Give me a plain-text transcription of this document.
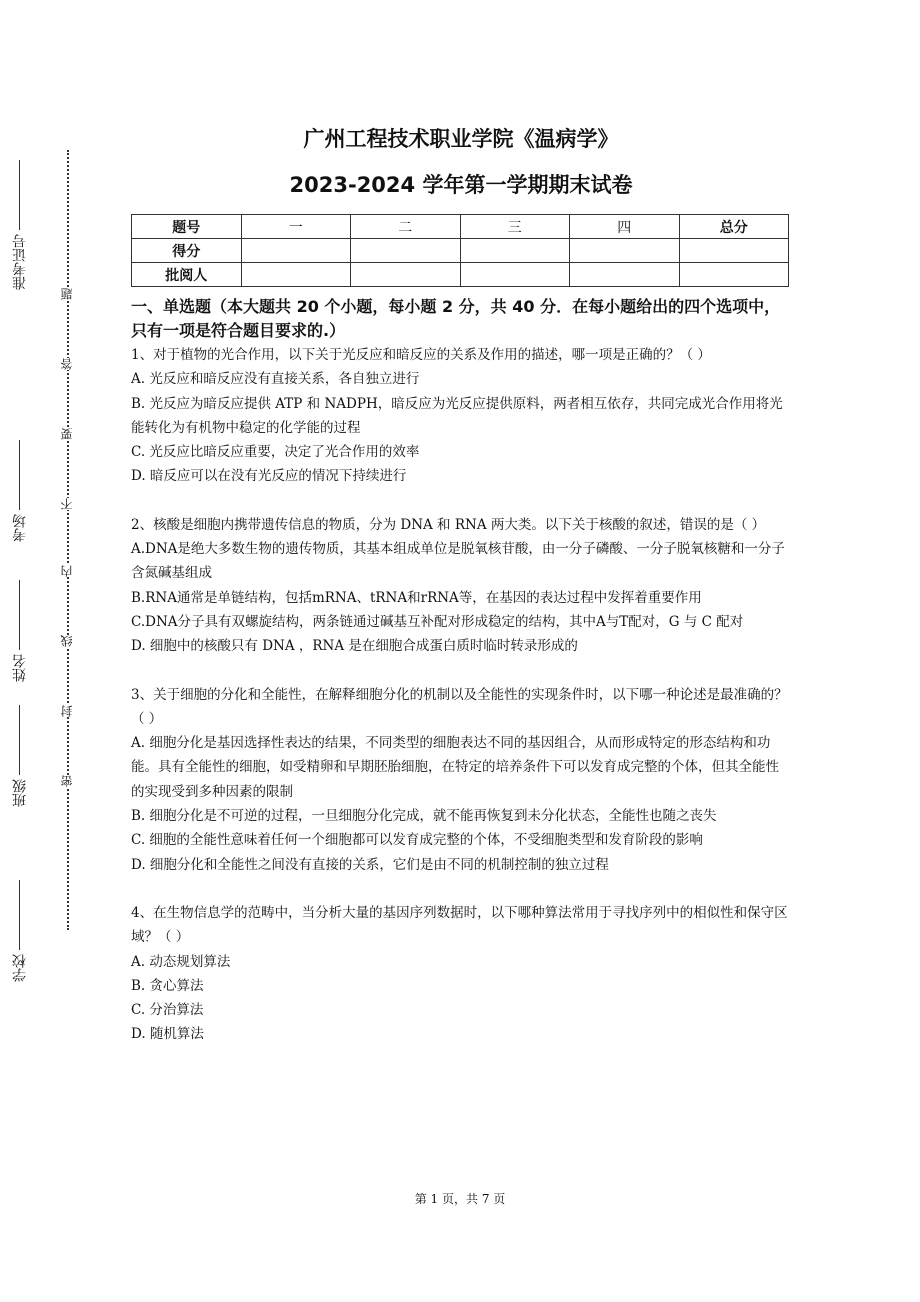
学校
班级
姓名
考场
准考证号
密
封
线
内
不
要
答
题
广州工程技术职业学院《温病学》
2023-2024 学年第一学期期末试卷
题号	一	二	三	四	总分
得分					
批阅人					
一、单选题（本大题共 20 个小题，每小题 2 分，共 40 分．在每小题给出的四个选项中，只有一项是符合题目要求的.）

1、对于植物的光合作用，以下关于光反应和暗反应的关系及作用的描述，哪一项是正确的？（ ）

A. 光反应和暗反应没有直接关系，各自独立进行

B. 光反应为暗反应提供 ATP 和 NADPH，暗反应为光反应提供原料，两者相互依存，共同完成光合作用将光能转化为有机物中稳定的化学能的过程

C. 光反应比暗反应重要，决定了光合作用的效率

D. 暗反应可以在没有光反应的情况下持续进行

2、核酸是细胞内携带遗传信息的物质，分为 DNA 和 RNA 两大类。以下关于核酸的叙述，错误的是（ ）

A.DNA是绝大多数生物的遗传物质，其基本组成单位是脱氧核苷酸，由一分子磷酸、一分子脱氧核糖和一分子含氮碱基组成

B.RNA通常是单链结构，包括mRNA、tRNA和rRNA等，在基因的表达过程中发挥着重要作用

C.DNA分子具有双螺旋结构，两条链通过碱基互补配对形成稳定的结构，其中A与T配对，G 与 C 配对

D. 细胞中的核酸只有 DNA ，RNA 是在细胞合成蛋白质时临时转录形成的

3、关于细胞的分化和全能性，在解释细胞分化的机制以及全能性的实现条件时，以下哪一种论述是最准确的？（ ）

A. 细胞分化是基因选择性表达的结果，不同类型的细胞表达不同的基因组合，从而形成特定的形态结构和功能。具有全能性的细胞，如受精卵和早期胚胎细胞，在特定的培养条件下可以发育成完整的个体，但其全能性的实现受到多种因素的限制

B. 细胞分化是不可逆的过程，一旦细胞分化完成，就不能再恢复到未分化状态，全能性也随之丧失

C. 细胞的全能性意味着任何一个细胞都可以发育成完整的个体，不受细胞类型和发育阶段的影响

D. 细胞分化和全能性之间没有直接的关系，它们是由不同的机制控制的独立过程

4、在生物信息学的范畴中，当分析大量的基因序列数据时，以下哪种算法常用于寻找序列中的相似性和保守区域？（ ）

A. 动态规划算法

B. 贪心算法

C. 分治算法

D. 随机算法

第 1 页，共 7 页
